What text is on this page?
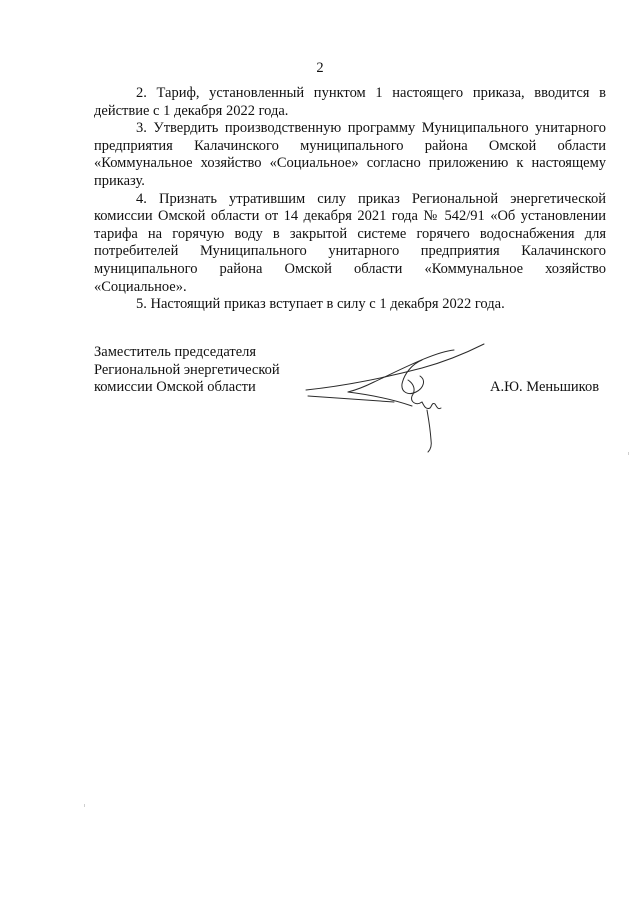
2

2. Тариф, установленный пунктом 1 настоящего приказа, вводится в действие с 1 декабря 2022 года.

3. Утвердить производственную программу Муниципального унитарного предприятия Калачинского муниципального района Омской области «Коммунальное хозяйство «Социальное» согласно приложению к настоящему приказу.

4. Признать утратившим силу приказ Региональной энергетической комиссии Омской области от 14 декабря 2021 года № 542/91 «Об установлении тарифа на горячую воду в закрытой системе горячего водоснабжения для потребителей Муниципального унитарного предприятия Калачинского муниципального района Омской области «Коммунальное хозяйство «Социальное».

5. Настоящий приказ вступает в силу с 1 декабря 2022 года.

Заместитель председателя
Региональной энергетической
комиссии Омской области	А.Ю. Меньшиков
